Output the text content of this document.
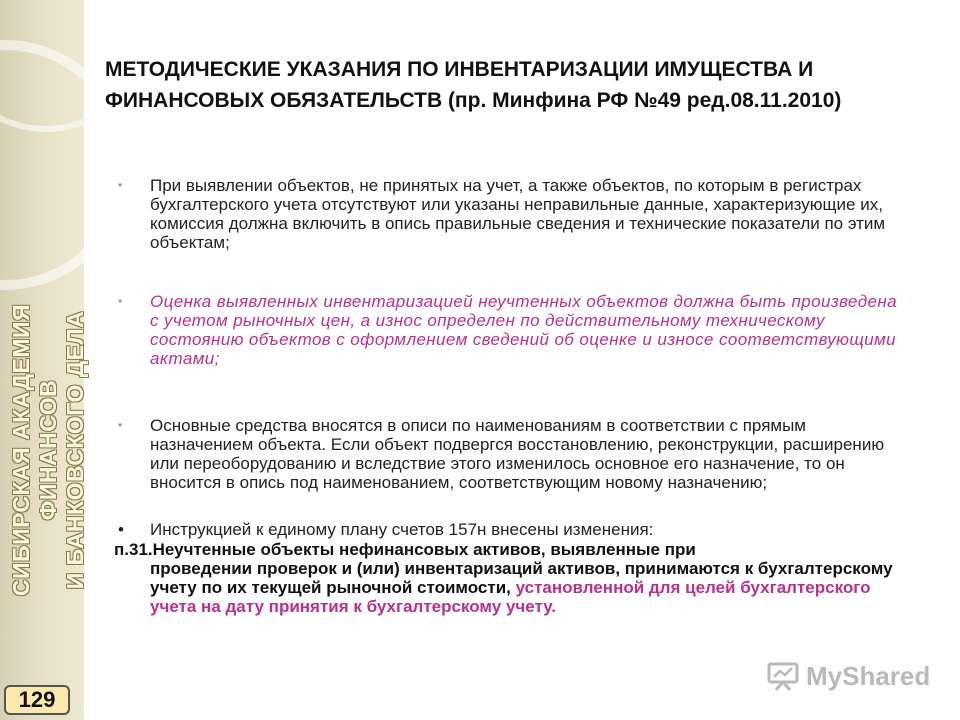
СИБИРСКАЯ АКАДЕМИЯ ФИНАНСОВ И БАНКОВСКОГО ДЕЛА
129
МЕТОДИЧЕСКИЕ УКАЗАНИЯ ПО ИНВЕНТАРИЗАЦИИ ИМУЩЕСТВА И ФИНАНСОВЫХ ОБЯЗАТЕЛЬСТВ (пр. Минфина РФ №49 ред.08.11.2010)
• При выявлении объектов, не принятых на учет, а также объектов, по которым в регистрах бухгалтерского учета отсутствуют или указаны неправильные данные, характеризующие их, комиссия должна включить в опись правильные сведения и технические показатели по этим объектам;
• Оценка выявленных инвентаризацией неучтенных объектов должна быть произведена с учетом рыночных цен, а износ определен по действительному техническому состоянию объектов с оформлением сведений об оценке и износе соответствующими актами;
• Основные средства вносятся в описи по наименованиям в соответствии с прямым назначением объекта. Если объект подвергся восстановлению, реконструкции, расширению или переоборудованию и вследствие этого изменилось основное его назначение, то он вносится в опись под наименованием, соответствующим новому назначению;
• Инструкцией к единому плану счетов 157н внесены изменения:
п.31.Неучтенные объекты нефинансовых активов, выявленные при
проведении проверок и (или) инвентаризаций активов, принимаются к бухгалтерскому учету по их текущей рыночной стоимости, установленной для целей бухгалтерского учета на дату принятия к бухгалтерскому учету.
MyShared
